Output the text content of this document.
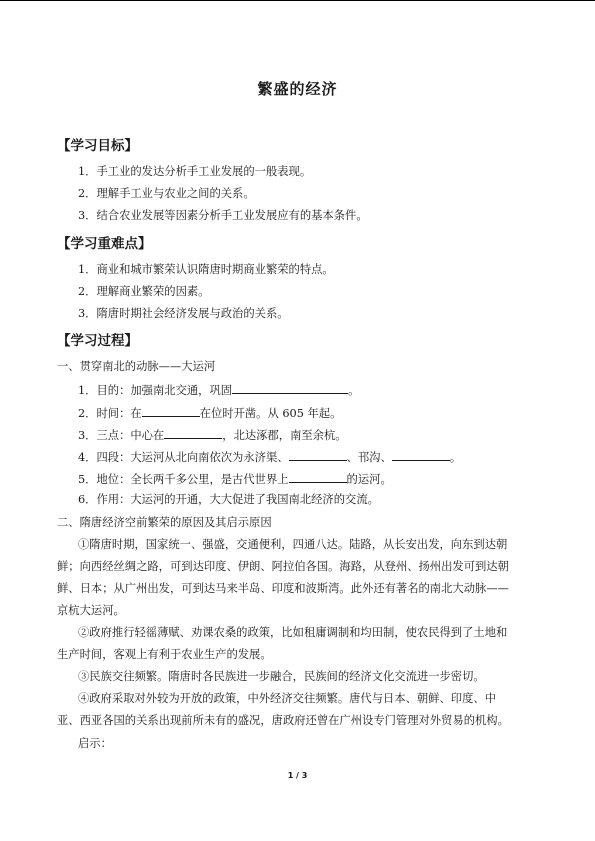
繁盛的经济
【学习目标】
1．手工业的发达分析手工业发展的一般表现。
2．理解手工业与农业之间的关系。
3．结合农业发展等因素分析手工业发展应有的基本条件。
【学习重难点】
1．商业和城市繁荣认识隋唐时期商业繁荣的特点。
2．理解商业繁荣的因素。
3．隋唐时期社会经济发展与政治的关系。
【学习过程】
一、贯穿南北的动脉——大运河
1．目的：加强南北交通，巩固	。
2．时间：在	在位时开凿。从 605 年起。
3．三点：中心在	，北达涿郡，南至余杭。
4．四段：大运河从北向南依次为永济渠、	、邗沟、	。
5．地位：全长两千多公里，是古代世界上	的运河。
6．作用：大运河的开通，大大促进了我国南北经济的交流。
二、隋唐经济空前繁荣的原因及其启示原因
①隋唐时期，国家统一、强盛，交通便利，四通八达。陆路，从长安出发，向东到达朝
鲜；向西经丝绸之路，可到达印度、伊朗、阿拉伯各国。海路，从登州、扬州出发可到达朝
鲜、日本；从广州出发，可到达马来半岛、印度和波斯湾。此外还有著名的南北大动脉——
京杭大运河。
②政府推行轻徭薄赋、劝课农桑的政策，比如租庸调制和均田制，使农民得到了土地和
生产时间，客观上有利于农业生产的发展。
③民族交往频繁。隋唐时各民族进一步融合，民族间的经济文化交流进一步密切。
④政府采取对外较为开放的政策，中外经济交往频繁。唐代与日本、朝鲜、印度、中
亚、西亚各国的关系出现前所未有的盛况，唐政府还曾在广州设专门管理对外贸易的机构。
启示：
1 / 3
